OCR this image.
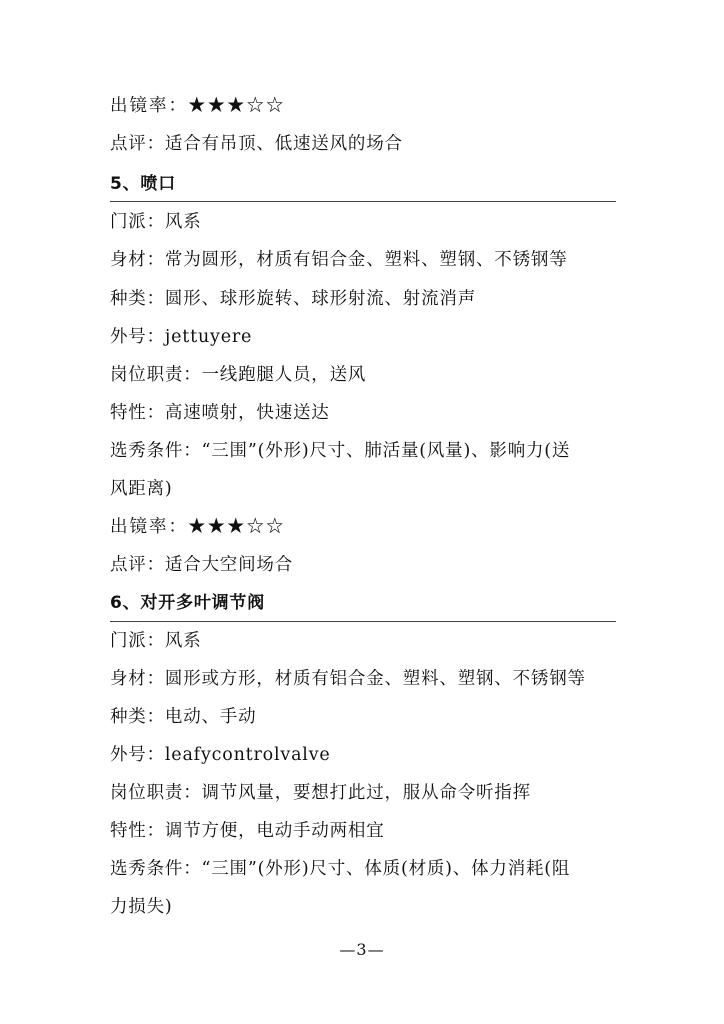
出镜率：★★★☆☆
点评：适合有吊顶、低速送风的场合
5、喷口
门派：风系
身材：常为圆形，材质有铝合金、塑料、塑钢、不锈钢等
种类：圆形、球形旋转、球形射流、射流消声
外号：jettuyere
岗位职责：一线跑腿人员，送风
特性：高速喷射，快速送达
选秀条件：“三围”(外形)尺寸、肺活量(风量)、影响力(送
风距离)
出镜率：★★★☆☆
点评：适合大空间场合
6、对开多叶调节阀
门派：风系
身材：圆形或方形，材质有铝合金、塑料、塑钢、不锈钢等
种类：电动、手动
外号：leafycontrolvalve
岗位职责：调节风量，要想打此过，服从命令听指挥
特性：调节方便，电动手动两相宜
选秀条件：“三围”(外形)尺寸、体质(材质)、体力消耗(阻
力损失)
—3—
